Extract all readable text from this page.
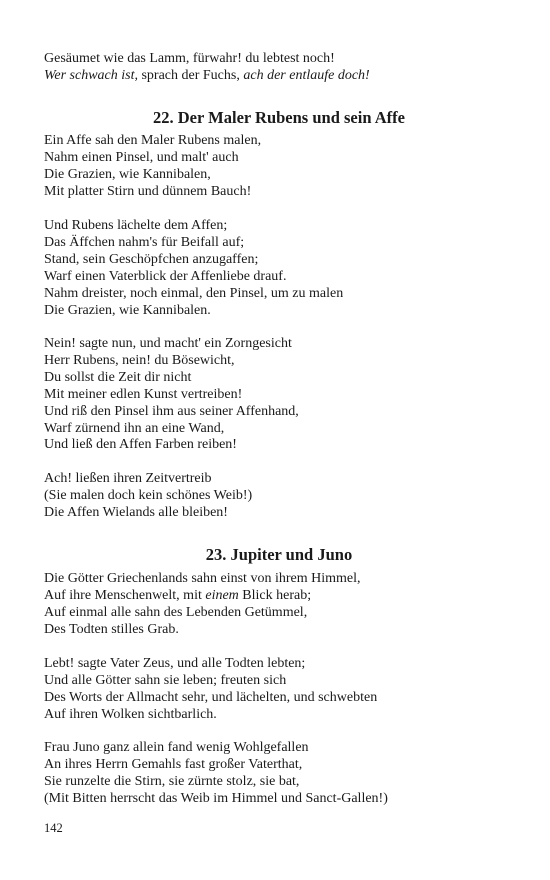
Gesäumet wie das Lamm, fürwahr! du lebtest noch!
Wer schwach ist, sprach der Fuchs, ach der entlaufe doch!
22. Der Maler Rubens und sein Affe
Ein Affe sah den Maler Rubens malen,
Nahm einen Pinsel, und malt' auch
Die Grazien, wie Kannibalen,
Mit platter Stirn und dünnem Bauch!
Und Rubens lächelte dem Affen;
Das Äffchen nahm's für Beifall auf;
Stand, sein Geschöpfchen anzugaffen;
Warf einen Vaterblick der Affenliebe drauf.
Nahm dreister, noch einmal, den Pinsel, um zu malen
Die Grazien, wie Kannibalen.
Nein! sagte nun, und macht' ein Zorngesicht
Herr Rubens, nein! du Bösewicht,
Du sollst die Zeit dir nicht
Mit meiner edlen Kunst vertreiben!
Und riß den Pinsel ihm aus seiner Affenhand,
Warf zürnend ihn an eine Wand,
Und ließ den Affen Farben reiben!
Ach! ließen ihren Zeitvertreib
(Sie malen doch kein schönes Weib!)
Die Affen Wielands alle bleiben!
23. Jupiter und Juno
Die Götter Griechenlands sahn einst von ihrem Himmel,
Auf ihre Menschenwelt, mit einem Blick herab;
Auf einmal alle sahn des Lebenden Getümmel,
Des Todten stilles Grab.
Lebt! sagte Vater Zeus, und alle Todten lebten;
Und alle Götter sahn sie leben; freuten sich
Des Worts der Allmacht sehr, und lächelten, und schwebten
Auf ihren Wolken sichtbarlich.
Frau Juno ganz allein fand wenig Wohlgefallen
An ihres Herrn Gemahls fast großer Vaterthat,
Sie runzelte die Stirn, sie zürnte stolz, sie bat,
(Mit Bitten herrscht das Weib im Himmel und Sanct-Gallen!)
142
